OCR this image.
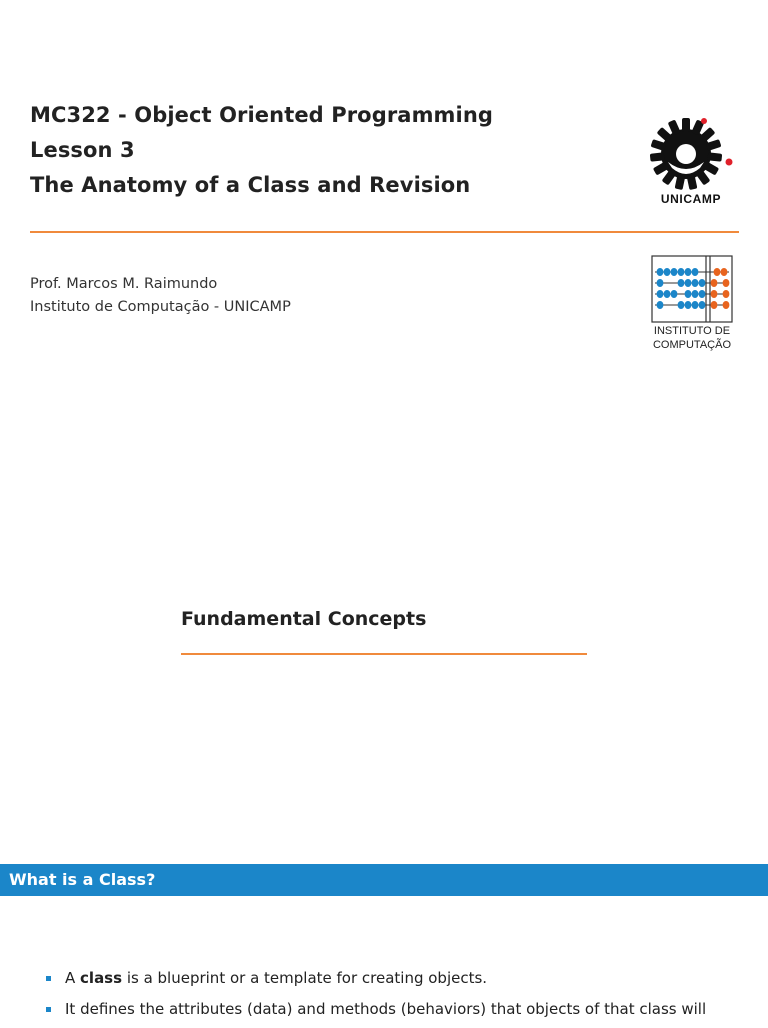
MC322 - Object Oriented Programming
Lesson 3
The Anatomy of a Class and Revision
UNICAMP
Prof. Marcos M. Raimundo
Instituto de Computação - UNICAMP
INSTITUTO DE
COMPUTAÇÃO
Fundamental Concepts
What is a Class?
A class is a blueprint or a template for creating objects.
It defines the attributes (data) and methods (behaviors) that objects of that class will
